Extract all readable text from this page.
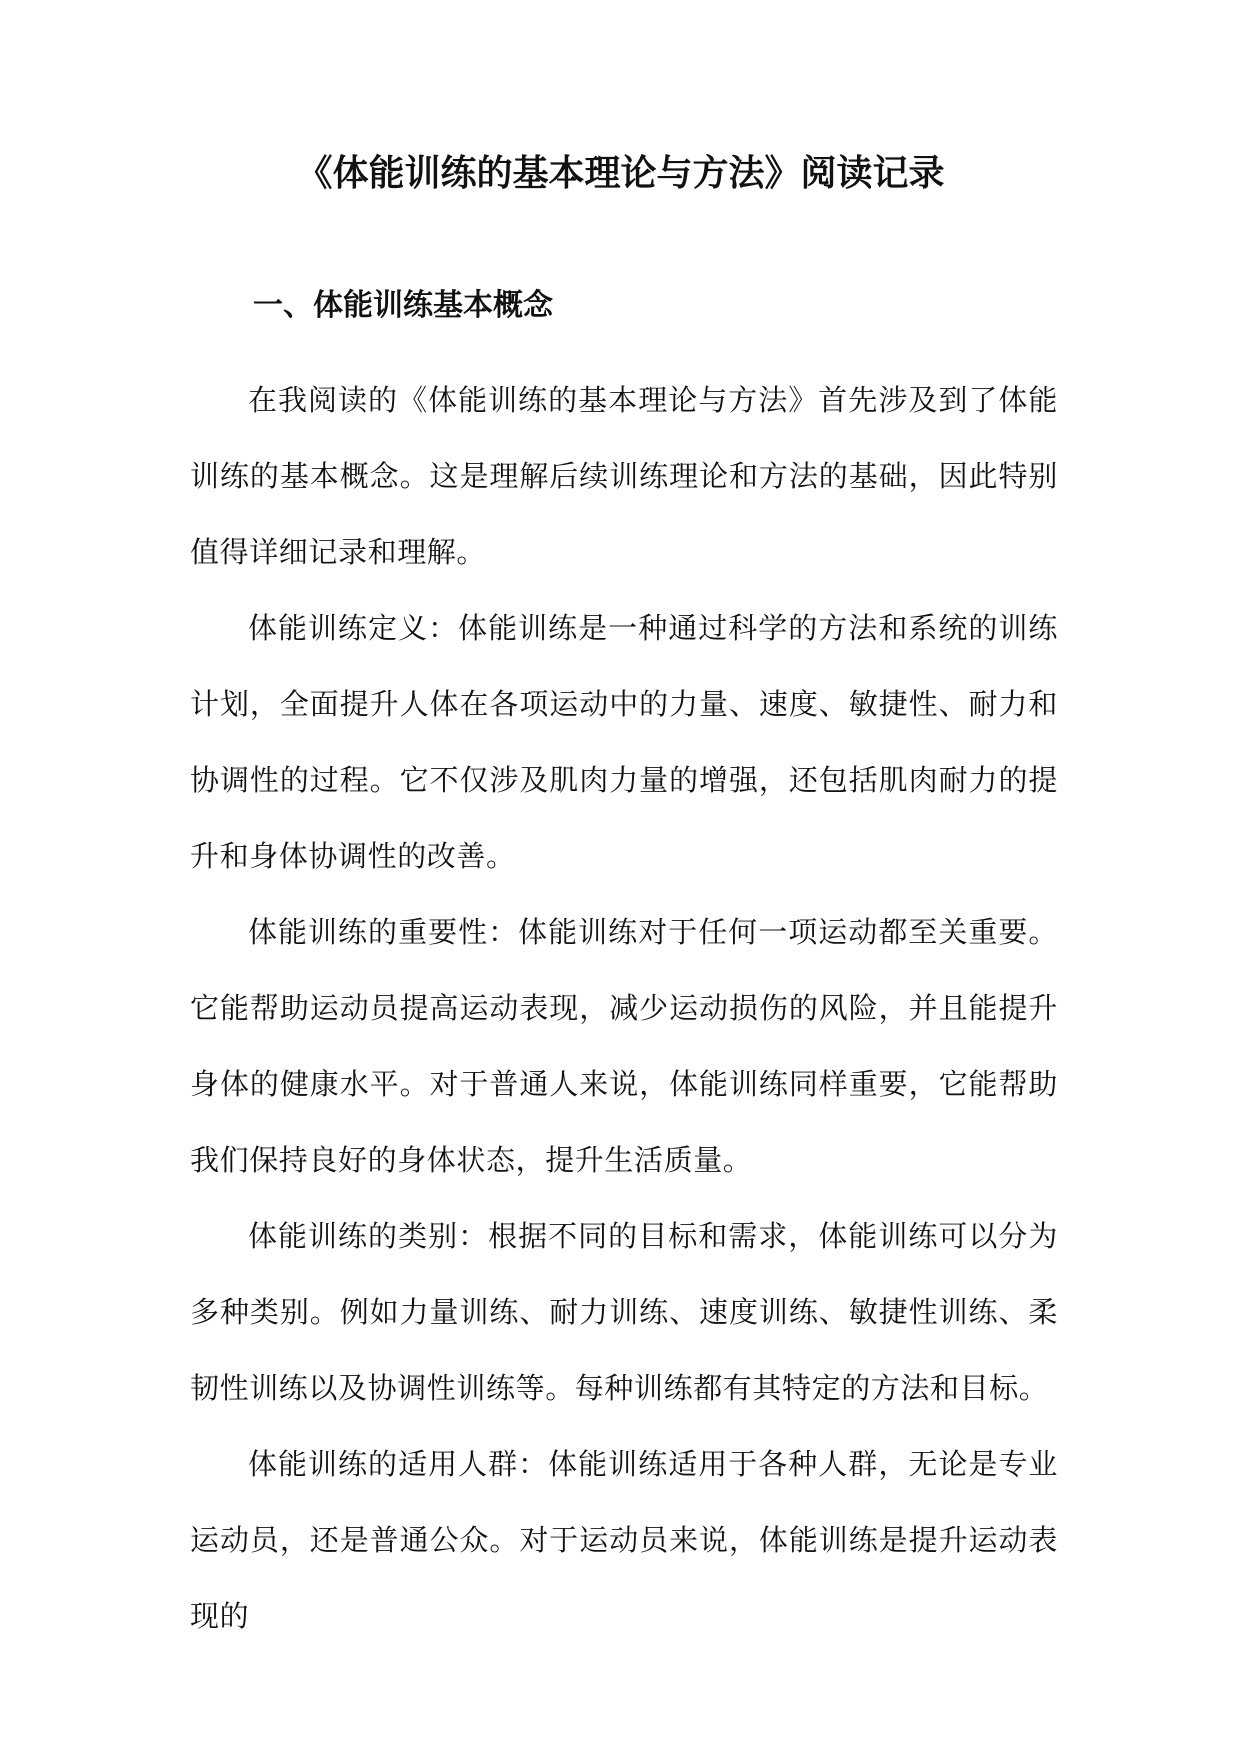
《体能训练的基本理论与方法》阅读记录
一、体能训练基本概念

在我阅读的《体能训练的基本理论与方法》首先涉及到了体能训练的基本概念。这是理解后续训练理论和方法的基础，因此特别值得详细记录和理解。

体能训练定义：体能训练是一种通过科学的方法和系统的训练计划，全面提升人体在各项运动中的力量、速度、敏捷性、耐力和协调性的过程。它不仅涉及肌肉力量的增强，还包括肌肉耐力的提升和身体协调性的改善。

体能训练的重要性：体能训练对于任何一项运动都至关重要。它能帮助运动员提高运动表现，减少运动损伤的风险，并且能提升身体的健康水平。对于普通人来说，体能训练同样重要，它能帮助我们保持良好的身体状态，提升生活质量。

体能训练的类别：根据不同的目标和需求，体能训练可以分为多种类别。例如力量训练、耐力训练、速度训练、敏捷性训练、柔韧性训练以及协调性训练等。每种训练都有其特定的方法和目标。

体能训练的适用人群：体能训练适用于各种人群，无论是专业运动员，还是普通公众。对于运动员来说，体能训练是提升运动表现的
